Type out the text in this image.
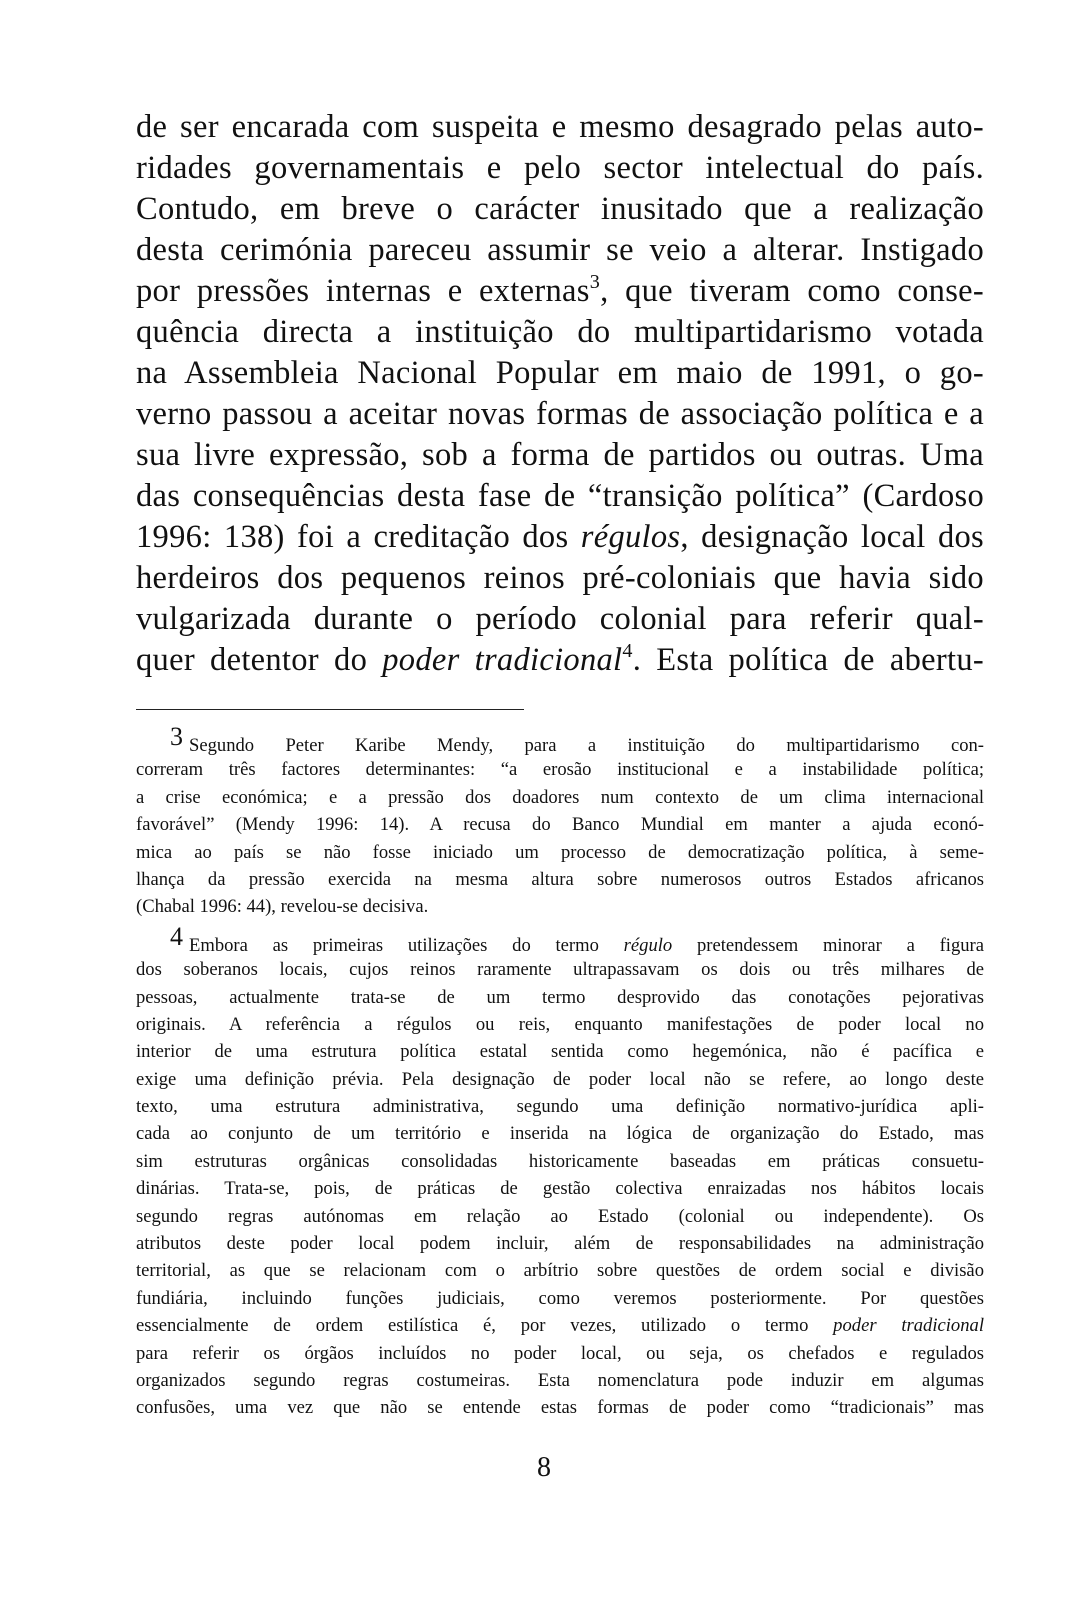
de ser encarada com suspeita e mesmo desagrado pelas auto-
ridades governamentais e pelo sector intelectual do país.
Contudo, em breve o carácter inusitado que a realização
desta cerimónia pareceu assumir se veio a alterar. Instigado
por pressões internas e externas$^3$, que tiveram como conse-
quência directa a instituição do multipartidarismo votada
na Assembleia Nacional Popular em maio de 1991, o go-
verno passou a aceitar novas formas de associação política e a
sua livre expressão, sob a forma de partidos ou outras. Uma
das consequências desta fase de “transição política” (Cardoso
1996: 138) foi a creditação dos régulos, designação local dos
herdeiros dos pequenos reinos pré-coloniais que havia sido
vulgarizada durante o período colonial para referir qual-
quer detentor do poder tradicional$^4$. Esta política de abertu-
3 Segundo Peter Karibe Mendy, para a instituição do multipartidarismo con-
correram três factores determinantes: “a erosão institucional e a instabilidade política;
a crise económica; e a pressão dos doadores num contexto de um clima internacional
favorável” (Mendy 1996: 14). A recusa do Banco Mundial em manter a ajuda econó-
mica ao país se não fosse iniciado um processo de democratização política, à seme-
lhança da pressão exercida na mesma altura sobre numerosos outros Estados africanos
(Chabal 1996: 44), revelou-se decisiva.
4 Embora as primeiras utilizações do termo régulo pretendessem minorar a figura
dos soberanos locais, cujos reinos raramente ultrapassavam os dois ou três milhares de
pessoas, actualmente trata-se de um termo desprovido das conotações pejorativas
originais. A referência a régulos ou reis, enquanto manifestações de poder local no
interior de uma estrutura política estatal sentida como hegemónica, não é pacífica e
exige uma definição prévia. Pela designação de poder local não se refere, ao longo deste
texto, uma estrutura administrativa, segundo uma definição normativo-jurídica apli-
cada ao conjunto de um território e inserida na lógica de organização do Estado, mas
sim estruturas orgânicas consolidadas historicamente baseadas em práticas consuetu-
dinárias. Trata-se, pois, de práticas de gestão colectiva enraizadas nos hábitos locais
segundo regras autónomas em relação ao Estado (colonial ou independente). Os
atributos deste poder local podem incluir, além de responsabilidades na administração
territorial, as que se relacionam com o arbítrio sobre questões de ordem social e divisão
fundiária, incluindo funções judiciais, como veremos posteriormente. Por questões
essencialmente de ordem estilística é, por vezes, utilizado o termo poder tradicional
para referir os órgãos incluídos no poder local, ou seja, os chefados e regulados
organizados segundo regras costumeiras. Esta nomenclatura pode induzir em algumas
confusões, uma vez que não se entende estas formas de poder como “tradicionais” mas
8
